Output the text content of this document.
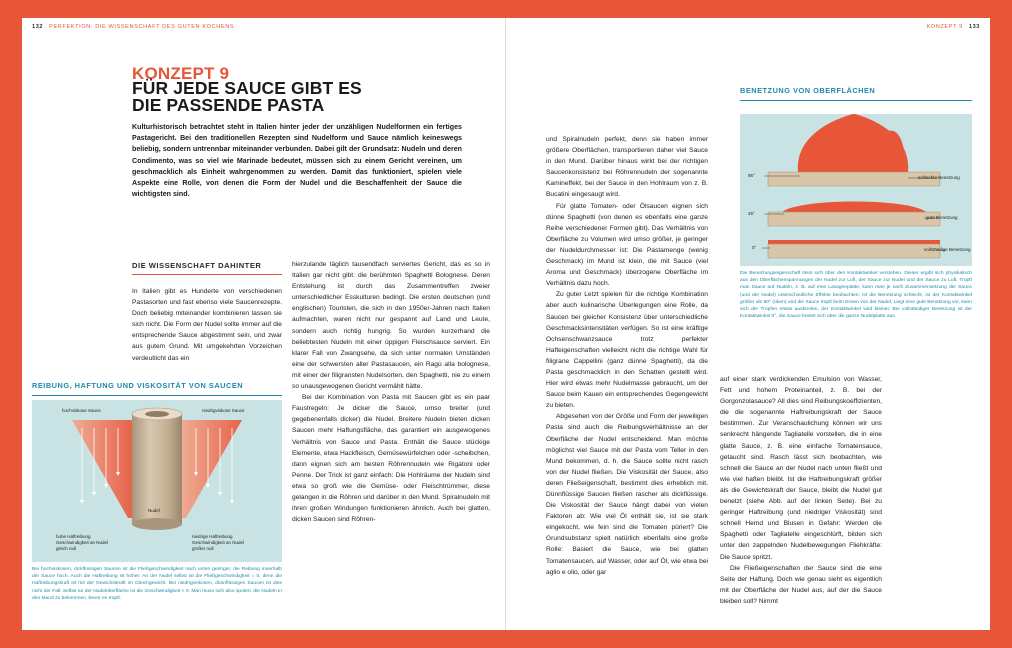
132 PERFEKTION: DIE WISSENSCHAFT DES GUTEN KOCHENS
KONZEPT 9
FÜR JEDE SAUCE GIBT ES DIE PASSENDE PASTA
Kulturhistorisch betrachtet steht in Italien hinter jeder der unzähligen Nudelformen ein fertiges Pastagericht. Bei den traditionellen Rezepten sind Nudelform und Sauce nämlich keineswegs beliebig, sondern untrennbar miteinander verbunden. Dabei gilt der Grundsatz: Nudeln und deren Condimento, was so viel wie Marinade bedeutet, müssen sich zu einem Gericht vereinen, um geschmacklich als Einheit wahrgenommen zu werden. Damit das funktioniert, spielen viele Aspekte eine Rolle, von denen die Form der Nudel und die Beschaffenheit der Sauce die wichtigsten sind.
DIE WISSENSCHAFT DAHINTER

In Italien gibt es Hunderte von verschiedenen Pastasorten und fast ebenso viele Saucenrezepte. Doch beliebig miteinander kombinieren lassen sie sich nicht. Die Form der Nudel sollte immer auf die entsprechende Sauce abgestimmt sein, und zwar aus gutem Grund. Mit umgekehrten Vorzeichen verdeutlicht das ein

hierzulande täglich tausendfach serviertes Gericht, das es so in Italien gar nicht gibt: die berühmten Spaghetti Bolognese. Deren Entstehung ist durch das Zusammentreffen zweier unterschiedlicher Esskulturen bedingt. Die ersten deutschen (und englischen) Touristen, die sich in den 1950er-Jahren nach Italien aufmachten, waren nicht nur gespannt auf Land und Leute, sondern auch richtig hungrig. So wurden kurzerhand die beliebtesten Nudeln mit einer üppigen Fleischsauce serviert. Ein klarer Fall von Zwangsehe, da sich unter normalen Umständen eine der schwersten aller Pastasaucen, ein Ragù alla bolognese, mit einer der filigransten Nudelsorten, den Spaghetti, nie zu einem so unausgewogenen Gericht vermählt hätte.

Bei der Kombination von Pasta mit Saucen gibt es ein paar Faustregeln: Je dicker die Sauce, umso breiter (und gegebenenfalls dicker) die Nudel. Breitere Nudeln bieten dicken Saucen mehr Haftungsfläche, das garantiert ein ausgewogenes Verhältnis von Sauce und Pasta. Enthält die Sauce stückige Elemente, etwa Hackfleisch, Gemüsewürfelchen oder -scheibchen, dann eignen sich am besten Röhrennudeln wie Rigatoni oder Penne. Der Trick ist ganz einfach: Die Hohlräume der Nudeln sind etwa so groß wie die Gemüse- oder Fleischtrümmer, diese gelangen in die Röhren und darüber in den Mund. Spiralnudeln mit ihren großen Windungen funktionieren ähnlich. Auch bei glatten, dicken Saucen sind Röhren-

REIBUNG, HAFTUNG UND VISKOSITÄT VON SAUCEN
hochviskose Sauce	niedrigviskose Sauce
Nudel
hohe Haftreibung
Geschwindigkeit an Nudel
gleich null
niedrige Haftreibung
Geschwindigkeit an Nudel
größer null
Bei hochviskosen, dickflüssigen Saucen ist die Fließgeschwindigkeit nach unten geringer, die Reibung innerhalb der Sauce hoch. Auch die Haftreibung ist höher: An der Nudel selbst ist die Fließgeschwindigkeit = 0, denn die Haftreibungskraft ist mit der Gewichtskraft im Gleichgewicht. Bei niedrigviskosen, dünnflüssigen Saucen ist dies nicht der Fall. Selbst an der Nudeloberfläche ist die Geschwindigkeit > 0. Man muss sich also sputen, die Nudeln in den Mund zu bekommen, bevor es tropft.
KONZEPT 9 133

und Spiralnudeln perfekt, denn sie haben immer größere Oberflächen, transportieren daher viel Sauce in den Mund. Darüber hinaus wirkt bei der richtigen Saucenkonsistenz bei Röhrennudeln der sogenannte Kamineffekt, bei der Sauce in den Hohlraum von z. B. Bucatini eingesaugt wird.

Für glatte Tomaten- oder Ölsaucen eignen sich dünne Spaghetti (von denen es ebenfalls eine ganze Reihe verschiedener Formen gibt). Das Verhältnis von Oberfläche zu Volumen wird umso größer, je geringer der Nudeldurchmesser ist: Die Pastamenge (wenig Geschmack) im Mund ist klein, die mit Sauce (viel Aroma und Geschmack) überzogene Oberfläche im Verhältnis dazu hoch.

Zu guter Letzt spielen für die richtige Kombination aber auch kulinarische Überlegungen eine Rolle, da Saucen bei gleicher Konsistenz über unterschiedliche Geschmacksintensitäten verfügen. So ist eine kräftige Ochsenschwanzsauce trotz perfekter Hafteigenschaften vielleicht nicht die richtige Wahl für filigrane Cappellini (ganz dünne Spaghetti), da die Pasta geschmacklich in den Schatten gestellt wird. Hier wird etwas mehr Nudelmasse gebraucht, um der Sauce beim Kauen ein entsprechendes Gegengewicht zu bieten.

Abgesehen von der Größe und Form der jeweiligen Pasta sind auch die Reibungsverhältnisse an der Oberfläche der Nudel entscheidend. Man möchte möglichst viel Sauce mit der Pasta vom Teller in den Mund bekommen, d. h. die Sauce sollte nicht rasch von der Nudel fließen. Die Viskosität der Sauce, also deren Fließeigenschaft, bestimmt dies erheblich mit. Dünnflüssige Saucen fließen rascher als dickflüssige. Die Viskosität der Sauce hängt dabei von vielen Faktoren ab: Wie viel Öl enthält sie, ist sie stark eingekocht, wie fein sind die Tomaten püriert? Die Grundsubstanz spielt natürlich ebenfalls eine große Rolle: Basiert die Sauce, wie bei glatten Tomatensaucen, auf Wasser, oder auf Öl, wie etwa bei aglio e olio, oder gar

auf einer stark verdickenden Emulsion von Wasser, Fett und hohem Proteinanteil, z. B. bei der Gorgonzolasauce? All dies sind Reibungskoeffizienten, die die sogenannte Haftreibungskraft der Sauce bestimmen. Zur Veranschaulichung können wir uns senkrecht hängende Tagliatelle vorstellen, die in eine glatte Sauce, z. B. eine einfache Tomatensauce, getaucht sind. Rasch lässt sich beobachten, wie schnell die Sauce an der Nudel nach unten fließt und wie viel haften bleibt. Ist die Haftreibungskraft größer als die Gewichtskraft der Sauce, bleibt die Nudel gut benetzt (siehe Abb. auf der linken Seite). Bei zu geringer Haftreibung (und niedriger Viskosität) sind schnell Hemd und Blusen in Gefahr: Werden die Spaghetti oder Tagliatelle eingeschlürft, bilden sich unter den zappelnden Nudelbewegungen Fliehkräfte: Die Sauce spritzt.

Die Fließeigenschaften der Sauce sind die eine Seite der Haftung. Doch wie genau sieht es eigentlich mit der Oberfläche der Nudel aus, auf der die Sauce bleiben soll? Nimmt

BENETZUNG VON OBERFLÄCHEN
95°
45°
0°
schlechte Benetzung
gute Benetzung
vollständige Benetzung
Die Benetzungseigenschaft lässt sich über den Kontaktwinkel verstehen. Dieser ergibt sich physikalisch aus den Oberflächenspannungen der Nudel zur Luft, der Sauce zur Nudel und der Sauce zu Luft. Tropft man Sauce auf Nudeln, z. B. auf eine Lasagneplatte, kann man je nach Zusammensetzung der Sauce (und der Nudel) unterschiedliche Effekte beobachten: Ist die Benetzung schlecht, ist der Kontaktwinkel größer als 90° (oben) und die Sauce tropft beim Essen von der Nudel. Liegt eine gute Benetzung vor, kann sich der Tropfen etwas ausbreiten, der Kontaktwinkel wird kleiner. Bei vollständiger Benetzung ist der Kontaktwinkel 0°, die Sauce breitet sich über die ganze Nudelplatte aus.
